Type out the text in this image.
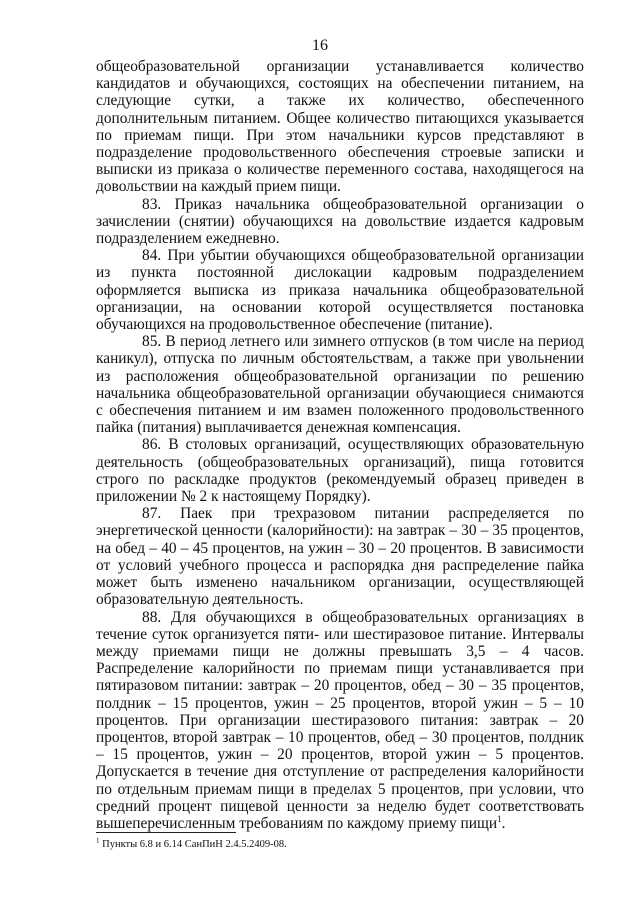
16

общеобразовательной организации устанавливается количество кандидатов и обучающихся, состоящих на обеспечении питанием, на следующие сутки, а также их количество, обеспеченного дополнительным питанием. Общее количество питающихся указывается по приемам пищи. При этом начальники курсов представляют в подразделение продовольственного обеспечения строевые записки и выписки из приказа о количестве переменного состава, находящегося на довольствии на каждый прием пищи.

83. Приказ начальника общеобразовательной организации о зачислении (снятии) обучающихся на довольствие издается кадровым подразделением ежедневно.

84. При убытии обучающихся общеобразовательной организации из пункта постоянной дислокации кадровым подразделением оформляется выписка из приказа начальника общеобразовательной организации, на основании которой осуществляется постановка обучающихся на продовольственное обеспечение (питание).

85. В период летнего или зимнего отпусков (в том числе на период каникул), отпуска по личным обстоятельствам, а также при увольнении из расположения общеобразовательной организации по решению начальника общеобразовательной организации обучающиеся снимаются с обеспечения питанием и им взамен положенного продовольственного пайка (питания) выплачивается денежная компенсация.

86. В столовых организаций, осуществляющих образовательную деятельность (общеобразовательных организаций), пища готовится строго по раскладке продуктов (рекомендуемый образец приведен в приложении № 2 к настоящему Порядку).

87. Паек при трехразовом питании распределяется по энергетической ценности (калорийности): на завтрак – 30 – 35 процентов, на обед – 40 – 45 процентов, на ужин – 30 – 20 процентов. В зависимости от условий учебного процесса и распорядка дня распределение пайка может быть изменено начальником организации, осуществляющей образовательную деятельность.

88. Для обучающихся в общеобразовательных организациях в течение суток организуется пяти- или шестиразовое питание. Интервалы между приемами пищи не должны превышать 3,5 – 4 часов. Распределение калорийности по приемам пищи устанавливается при пятиразовом питании: завтрак – 20 процентов, обед – 30 – 35 процентов, полдник – 15 процентов, ужин – 25 процентов, второй ужин – 5 – 10 процентов. При организации шестиразового питания: завтрак – 20 процентов, второй завтрак – 10 процентов, обед – 30 процентов, полдник – 15 процентов, ужин – 20 процентов, второй ужин – 5 процентов. Допускается в течение дня отступление от распределения калорийности по отдельным приемам пищи в пределах 5 процентов, при условии, что средний процент пищевой ценности за неделю будет соответствовать вышеперечисленным требованиям по каждому приему пищи$^1$.

$^1$ Пункты 6.8 и 6.14 СанПиН 2.4.5.2409-08.
